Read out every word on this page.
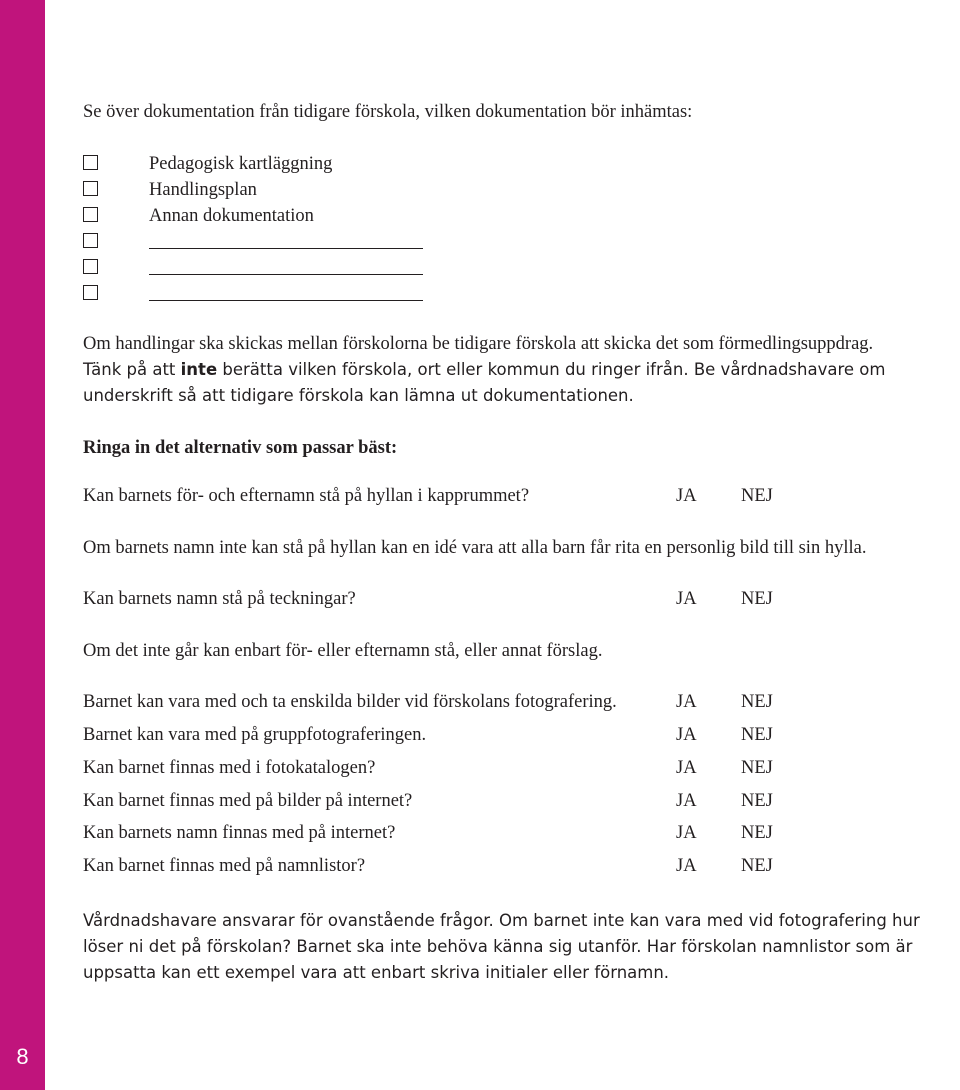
8
Se över dokumentation från tidigare förskola, vilken dokumentation bör inhämtas:
Pedagogisk kartläggning
Handlingsplan
Annan dokumentation
Om handlingar ska skickas mellan förskolorna be tidigare förskola att skicka det som förmedlingsuppdrag.
Tänk på att inte berätta vilken förskola, ort eller kommun du ringer ifrån. Be vårdnadshavare om
underskrift så att tidigare förskola kan lämna ut dokumentationen.
Ringa in det alternativ som passar bäst:
Kan barnets för- och efternamn stå på hyllan i kapprummet?	JA NEJ
Om barnets namn inte kan stå på hyllan kan en idé vara att alla barn får rita en personlig bild till sin hylla.
Kan barnets namn stå på teckningar?	JA NEJ
Om det inte går kan enbart för- eller efternamn stå, eller annat förslag.
Barnet kan vara med och ta enskilda bilder vid förskolans fotografering.	JA NEJ
Barnet kan vara med på gruppfotograferingen.	JA NEJ
Kan barnet finnas med i fotokatalogen?	JA NEJ
Kan barnet finnas med på bilder på internet?	JA NEJ
Kan barnets namn finnas med på internet?	JA NEJ
Kan barnet finnas med på namnlistor?	JA NEJ
Vårdnadshavare ansvarar för ovanstående frågor. Om barnet inte kan vara med vid fotografering hur
löser ni det på förskolan? Barnet ska inte behöva känna sig utanför. Har förskolan namnlistor som är
uppsatta kan ett exempel vara att enbart skriva initialer eller förnamn.
